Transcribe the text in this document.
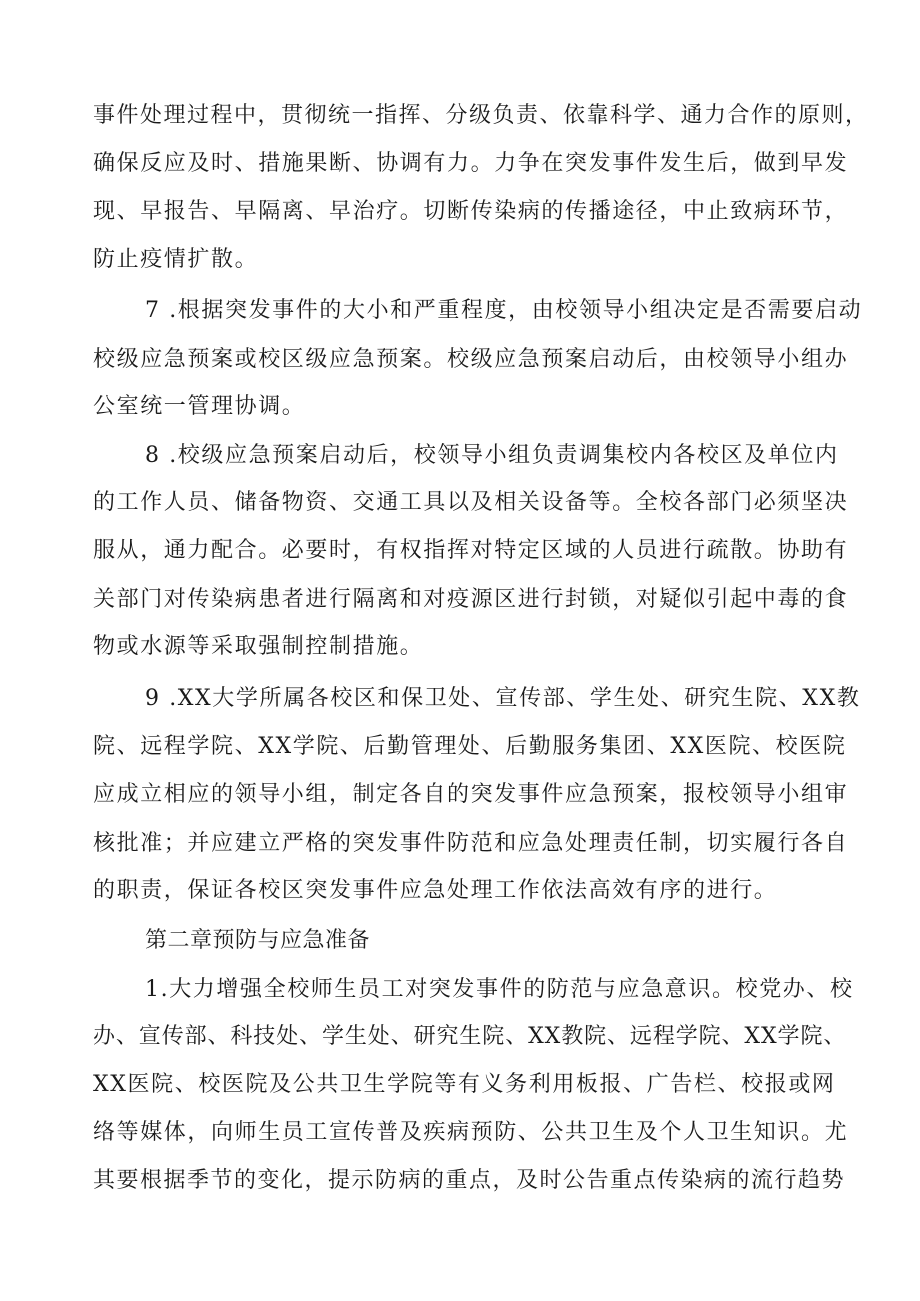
事件处理过程中，贯彻统一指挥、分级负责、依靠科学、通力合作的原则，
确保反应及时、措施果断、协调有力。力争在突发事件发生后，做到早发
现、早报告、早隔离、早治疗。切断传染病的传播途径，中止致病环节，
防止疫情扩散。
7 .根据突发事件的大小和严重程度，由校领导小组决定是否需要启动
校级应急预案或校区级应急预案。校级应急预案启动后，由校领导小组办
公室统一管理协调。
8 .校级应急预案启动后，校领导小组负责调集校内各校区及单位内
的工作人员、储备物资、交通工具以及相关设备等。全校各部门必须坚决
服从，通力配合。必要时，有权指挥对特定区域的人员进行疏散。协助有
关部门对传染病患者进行隔离和对疫源区进行封锁，对疑似引起中毒的食
物或水源等采取强制控制措施。
9 .XX大学所属各校区和保卫处、宣传部、学生处、研究生院、XX教
院、远程学院、XX学院、后勤管理处、后勤服务集团、XX医院、校医院
应成立相应的领导小组，制定各自的突发事件应急预案，报校领导小组审
核批准；并应建立严格的突发事件防范和应急处理责任制，切实履行各自
的职责，保证各校区突发事件应急处理工作依法高效有序的进行。
第二章预防与应急准备
1.大力增强全校师生员工对突发事件的防范与应急意识。校党办、校
办、宣传部、科技处、学生处、研究生院、XX教院、远程学院、XX学院、
XX医院、校医院及公共卫生学院等有义务利用板报、广告栏、校报或网
络等媒体，向师生员工宣传普及疾病预防、公共卫生及个人卫生知识。尤
其要根据季节的变化，提示防病的重点，及时公告重点传染病的流行趋势
